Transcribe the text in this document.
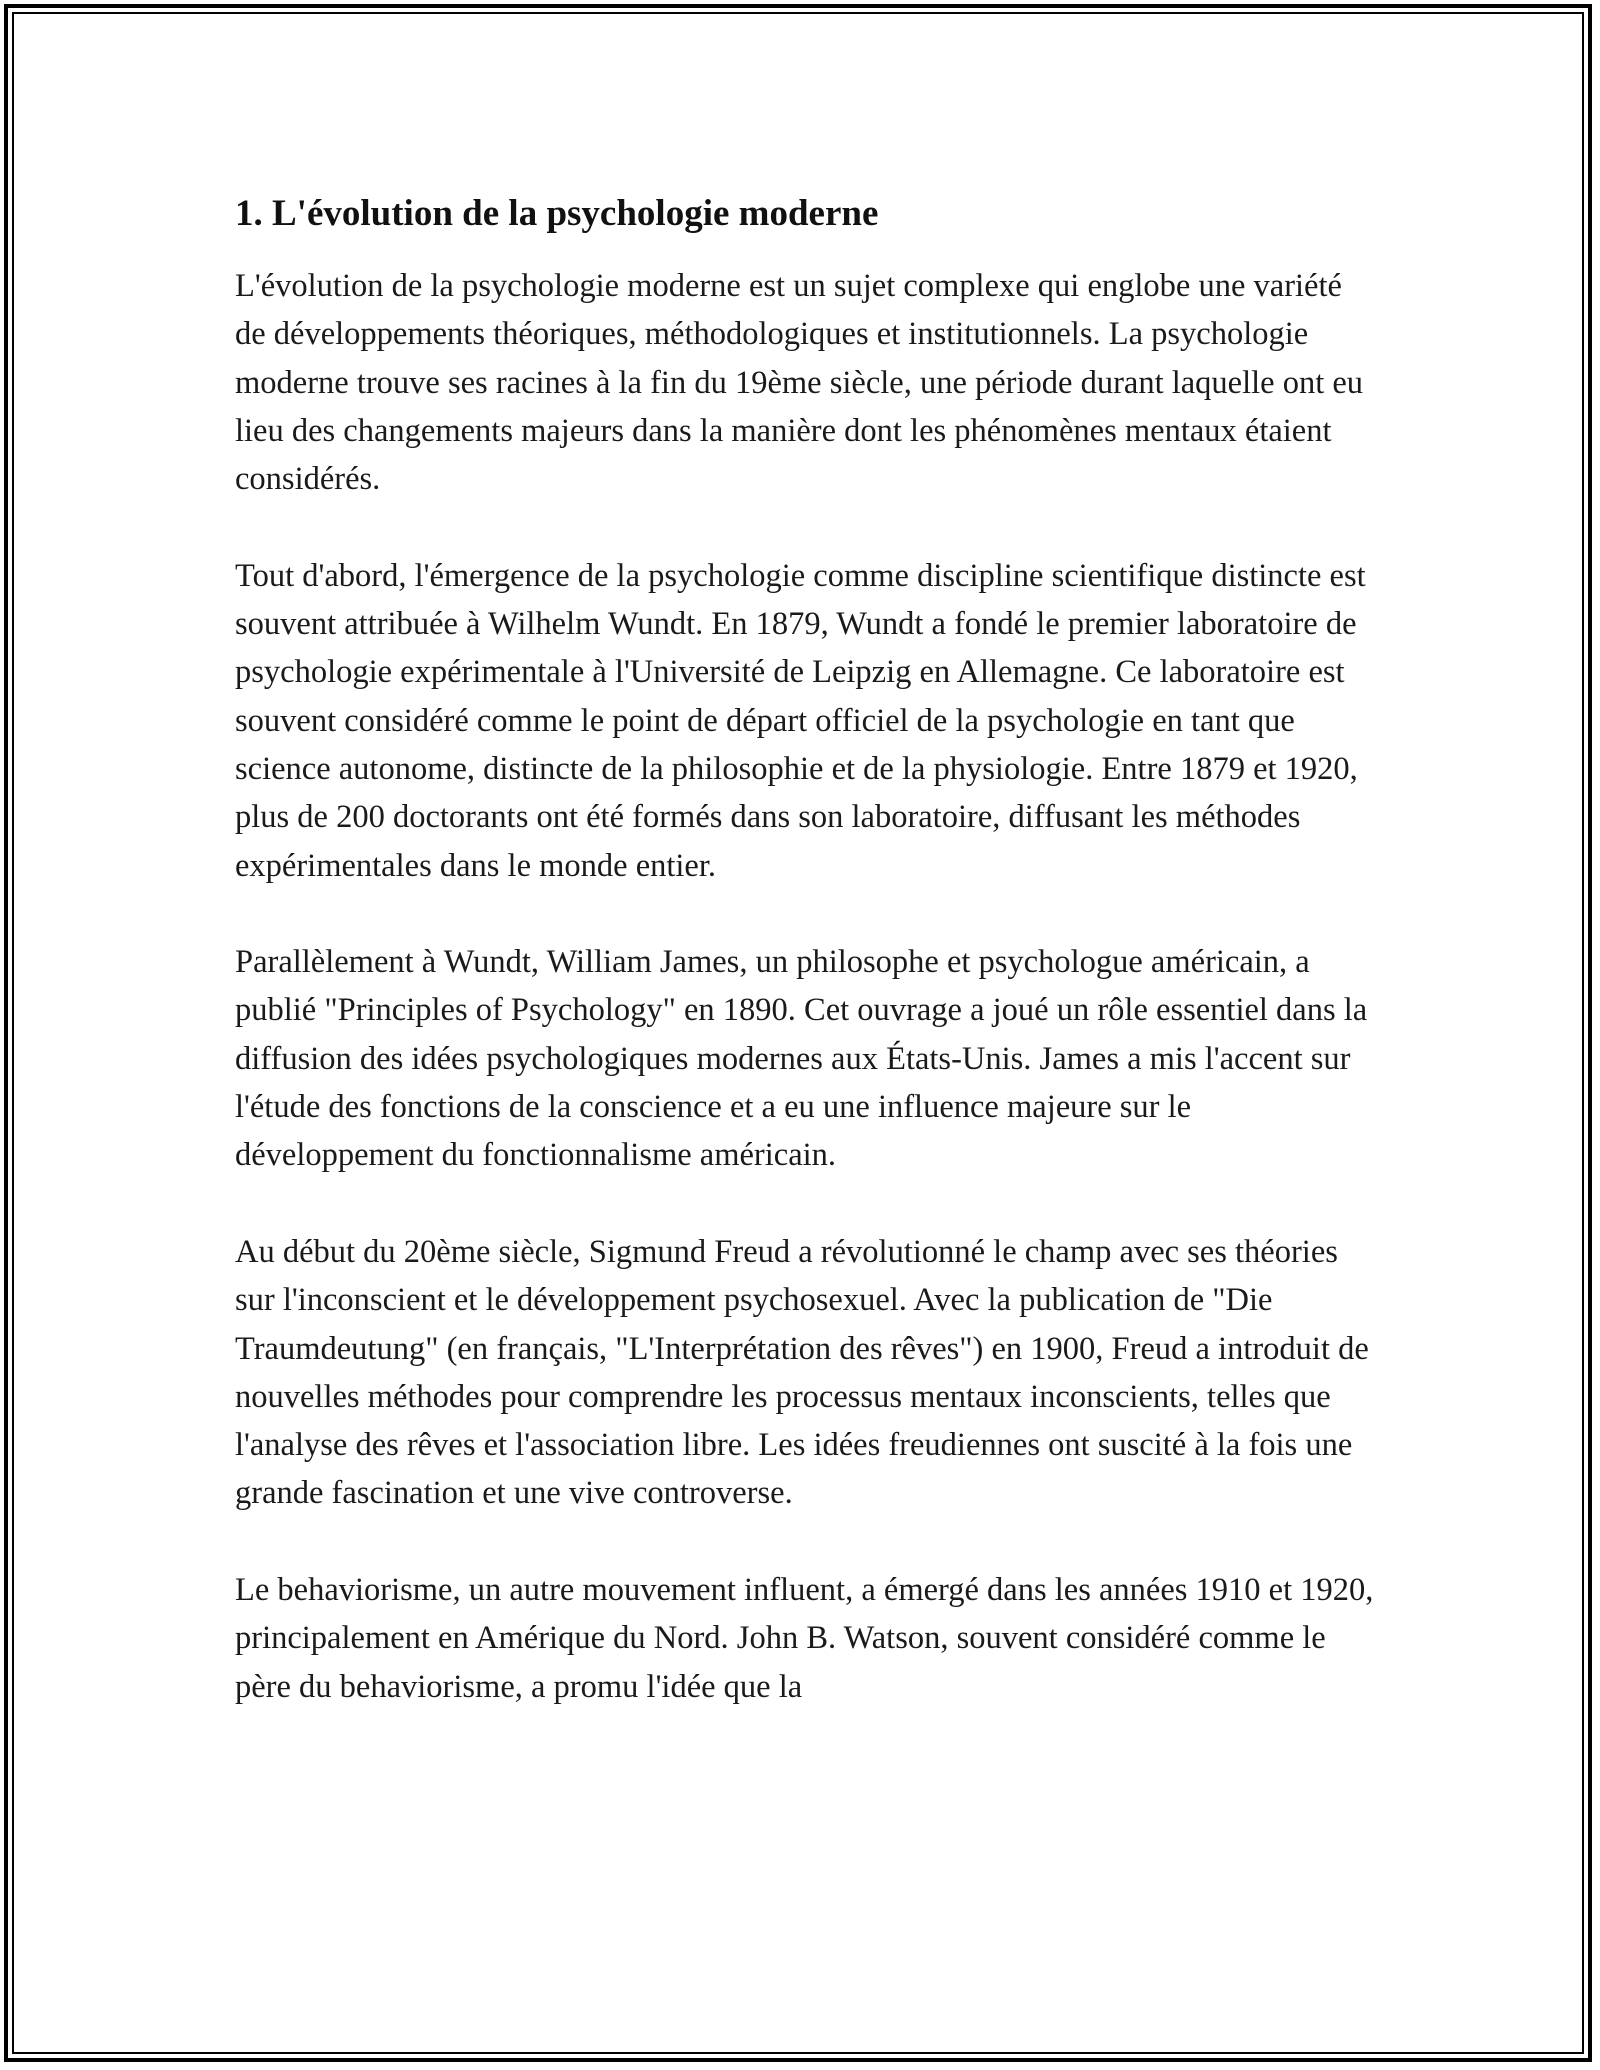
1. L'évolution de la psychologie moderne

L'évolution de la psychologie moderne est un sujet complexe qui englobe une variété de développements théoriques, méthodologiques et institutionnels. La psychologie moderne trouve ses racines à la fin du 19ème siècle, une période durant laquelle ont eu lieu des changements majeurs dans la manière dont les phénomènes mentaux étaient considérés.

Tout d'abord, l'émergence de la psychologie comme discipline scientifique distincte est souvent attribuée à Wilhelm Wundt. En 1879, Wundt a fondé le premier laboratoire de psychologie expérimentale à l'Université de Leipzig en Allemagne. Ce laboratoire est souvent considéré comme le point de départ officiel de la psychologie en tant que science autonome, distincte de la philosophie et de la physiologie. Entre 1879 et 1920, plus de 200 doctorants ont été formés dans son laboratoire, diffusant les méthodes expérimentales dans le monde entier.

Parallèlement à Wundt, William James, un philosophe et psychologue américain, a publié "Principles of Psychology" en 1890. Cet ouvrage a joué un rôle essentiel dans la diffusion des idées psychologiques modernes aux États-Unis. James a mis l'accent sur l'étude des fonctions de la conscience et a eu une influence majeure sur le développement du fonctionnalisme américain.

Au début du 20ème siècle, Sigmund Freud a révolutionné le champ avec ses théories sur l'inconscient et le développement psychosexuel. Avec la publication de "Die Traumdeutung" (en français, "L'Interprétation des rêves") en 1900, Freud a introduit de nouvelles méthodes pour comprendre les processus mentaux inconscients, telles que l'analyse des rêves et l'association libre. Les idées freudiennes ont suscité à la fois une grande fascination et une vive controverse.

Le behaviorisme, un autre mouvement influent, a émergé dans les années 1910 et 1920, principalement en Amérique du Nord. John B. Watson, souvent considéré comme le père du behaviorisme, a promu l'idée que la
